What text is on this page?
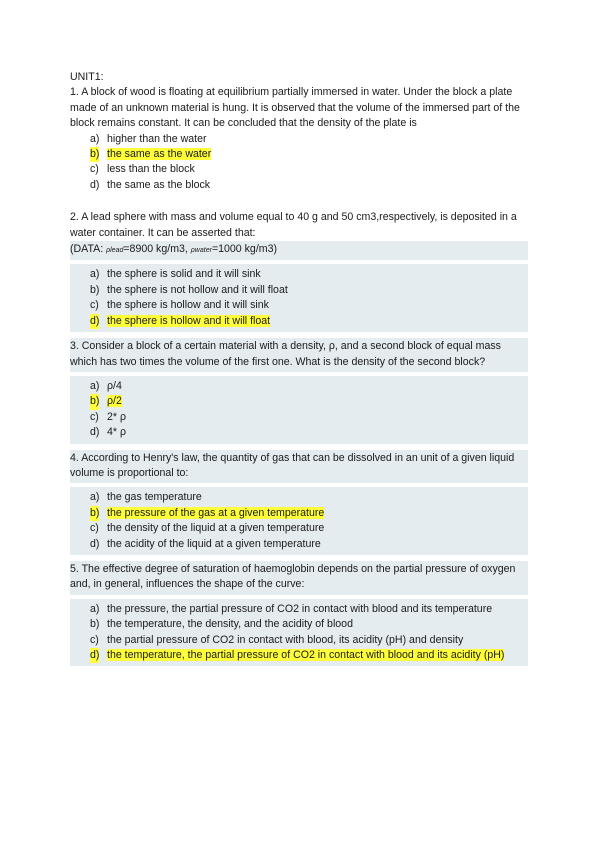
UNIT1:

1. A block of wood is floating at equilibrium partially immersed in water. Under the block a plate made of an unknown material is hung. It is observed that the volume of the immersed part of the block remains constant. It can be concluded that the density of the plate is

a) higher than the water
b) the same as the water
c) less than the block
d) the same as the block

2. A lead sphere with mass and volume equal to 40 g and 50 cm3,respectively, is deposited in a water container. It can be asserted that:

(DATA: ρlead=8900 kg/m3, ρwater=1000 kg/m3)

a) the sphere is solid and it will sink
b) the sphere is not hollow and it will float
c) the sphere is hollow and it will sink
d) the sphere is hollow and it will float

3. Consider a block of a certain material with a density, ρ, and a second block of equal mass which has two times the volume of the first one. What is the density of the second block?

a) ρ/4
b) ρ/2
c) 2* ρ
d) 4* ρ

4. According to Henry's law, the quantity of gas that can be dissolved in an unit of a given liquid volume is proportional to:

a) the gas temperature
b) the pressure of the gas at a given temperature
c) the density of the liquid at a given temperature
d) the acidity of the liquid at a given temperature

5. The effective degree of saturation of haemoglobin depends on the partial pressure of oxygen and, in general, influences the shape of the curve:

a) the pressure, the partial pressure of CO2 in contact with blood and its temperature
b) the temperature, the density, and the acidity of blood
c) the partial pressure of CO2 in contact with blood, its acidity (pH) and density
d) the temperature, the partial pressure of CO2 in contact with blood and its acidity (pH)
